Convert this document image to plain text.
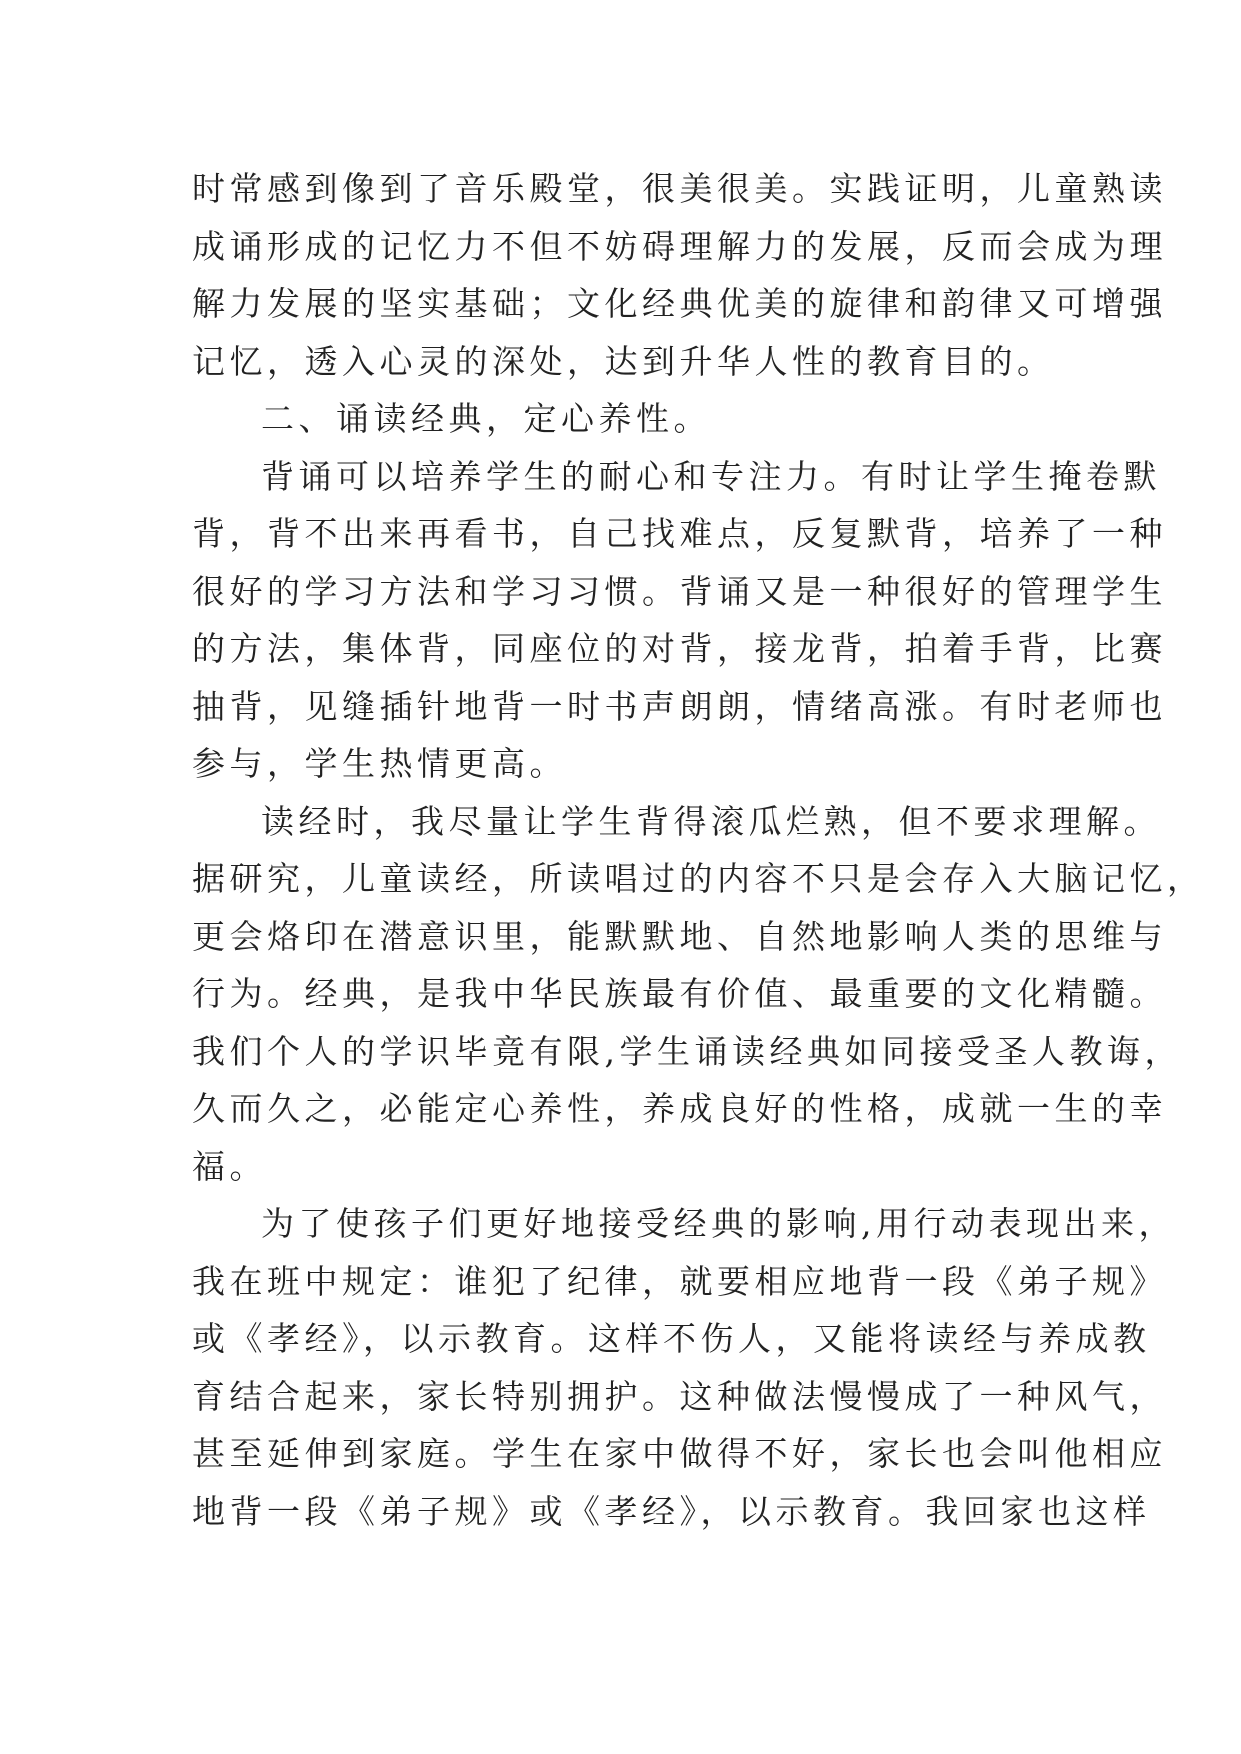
时常感到像到了音乐殿堂，很美很美。实践证明，儿童熟读
成诵形成的记忆力不但不妨碍理解力的发展，反而会成为理
解力发展的坚实基础；文化经典优美的旋律和韵律又可增强
记忆，透入心灵的深处，达到升华人性的教育目的。
二、诵读经典，定心养性。
背诵可以培养学生的耐心和专注力。有时让学生掩卷默
背，背不出来再看书，自己找难点，反复默背，培养了一种
很好的学习方法和学习习惯。背诵又是一种很好的管理学生
的方法，集体背，同座位的对背，接龙背，拍着手背，比赛
抽背，见缝插针地背一时书声朗朗，情绪高涨。有时老师也
参与，学生热情更高。
读经时，我尽量让学生背得滚瓜烂熟，但不要求理解。
据研究，儿童读经，所读唱过的内容不只是会存入大脑记忆，
更会烙印在潜意识里，能默默地、自然地影响人类的思维与
行为。经典，是我中华民族最有价值、最重要的文化精髓。
我们个人的学识毕竟有限,学生诵读经典如同接受圣人教诲，
久而久之，必能定心养性，养成良好的性格，成就一生的幸
福。
为了使孩子们更好地接受经典的影响,用行动表现出来，
我在班中规定：谁犯了纪律，就要相应地背一段《弟子规》
或《孝经》，以示教育。这样不伤人，又能将读经与养成教
育结合起来，家长特别拥护。这种做法慢慢成了一种风气，
甚至延伸到家庭。学生在家中做得不好，家长也会叫他相应
地背一段《弟子规》或《孝经》，以示教育。我回家也这样
